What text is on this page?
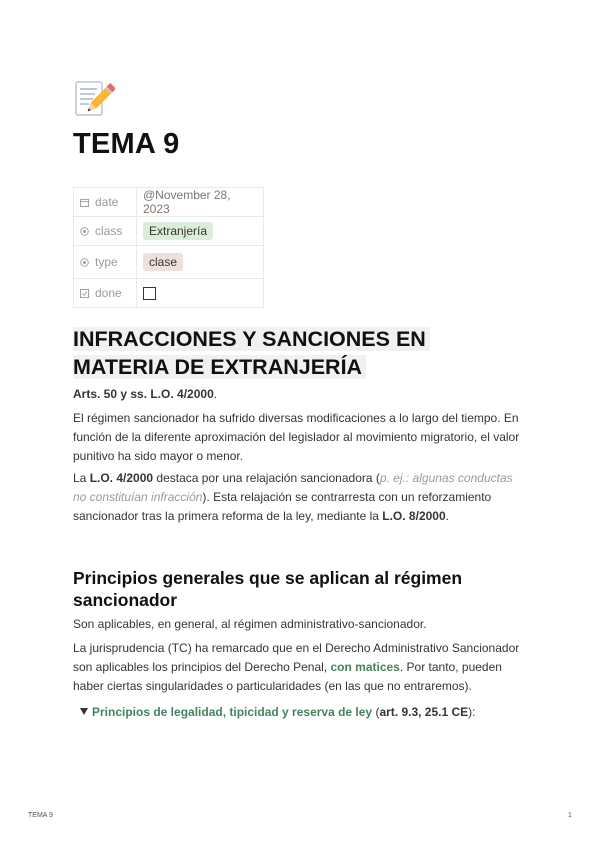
TEMA 9
date	@November 28, 2023
class	Extranjería
type	clase
done	
INFRACCIONES Y SANCIONES EN
MATERIA DE EXTRANJERÍA

Arts. 50 y ss. L.O. 4/2000.

El régimen sancionador ha sufrido diversas modificaciones a lo largo del tiempo. En función de la diferente aproximación del legislador al movimiento migratorio, el valor punitivo ha sido mayor o menor.

La L.O. 4/2000 destaca por una relajación sancionadora (p. ej.: algunas conductas no constituían infracción). Esta relajación se contrarresta con un reforzamiento sancionador tras la primera reforma de la ley, mediante la L.O. 8/2000.

Principios generales que se aplican al régimen sancionador

Son aplicables, en general, al régimen administrativo-sancionador.

La jurisprudencia (TC) ha remarcado que en el Derecho Administrativo Sancionador son aplicables los principios del Derecho Penal, con matices. Por tanto, pueden haber ciertas singularidades o particularidades (en las que no entraremos).

Principios de legalidad, tipicidad y reserva de ley (art. 9.3, 25.1 CE):
TEMA 9	1
